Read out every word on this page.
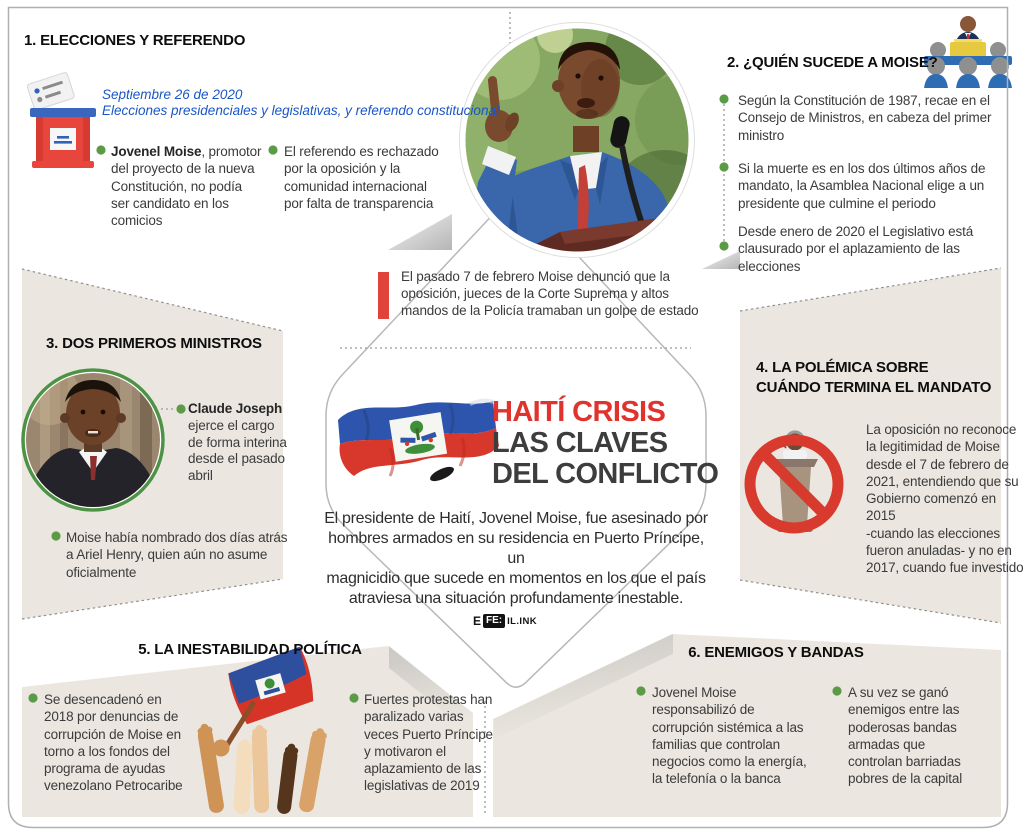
1. ELECCIONES Y REFERENDO
Septiembre 26 de 2020
Elecciones presidenciales y legislativas, y referendo constitucional
Jovenel Moise, promotor
del proyecto de la nueva
Constitución, no podía
ser candidato en los
comicios
El referendo es rechazado
por la oposición y la
comunidad internacional
por falta de transparencia
2. ¿QUIÉN SUCEDE A MOISE?
Según la Constitución de 1987, recae en el
Consejo de Ministros, en cabeza del primer
ministro
Si la muerte es en los dos últimos años de
mandato, la Asamblea Nacional elige a un
presidente que culmine el periodo
Desde enero de 2020 el Legislativo está
clausurado por el aplazamiento de las elecciones
El pasado 7 de febrero Moise denunció que la
oposición, jueces de la Corte Suprema y altos
mandos de la Policía tramaban un golpe de estado
HAITÍ CRISIS
LAS CLAVES
DEL CONFLICTO
El presidente de Haití, Jovenel Moise, fue asesinado por
hombres armados en su residencia en Puerto Príncipe, un
magnicidio que sucede en momentos en los que el país
atraviesa una situación profundamente inestable.
3. DOS PRIMEROS MINISTROS
Claude Joseph
ejerce el cargo
de forma interina
desde el pasado
abril
Moise había nombrado dos días atrás
a Ariel Henry, quien aún no asume
oficialmente
4. LA POLÉMICA SOBRE
CUÁNDO TERMINA EL MANDATO
La oposición no reconoce
la legitimidad de Moise
desde el 7 de febrero de
2021, entendiendo que su
Gobierno comenzó en 2015
-cuando las elecciones
fueron anuladas- y no en
2017, cuando fue investido
5. LA INESTABILIDAD POLÍTICA
Se desencadenó en
2018 por denuncias de
corrupción de Moise en
torno a los fondos del
programa de ayudas
venezolano Petrocaribe
Fuertes protestas han
paralizado varias
veces Puerto Príncipe
y motivaron el
aplazamiento de las
legislativas de 2019
6. ENEMIGOS Y BANDAS
Jovenel Moise
responsabilizó de
corrupción sistémica a las
familias que controlan
negocios como la energía,
la telefonía o la banca
A su vez se ganó
enemigos entre las
poderosas bandas
armadas que
controlan barriadas
pobres de la capital
E FE: IL.INK
